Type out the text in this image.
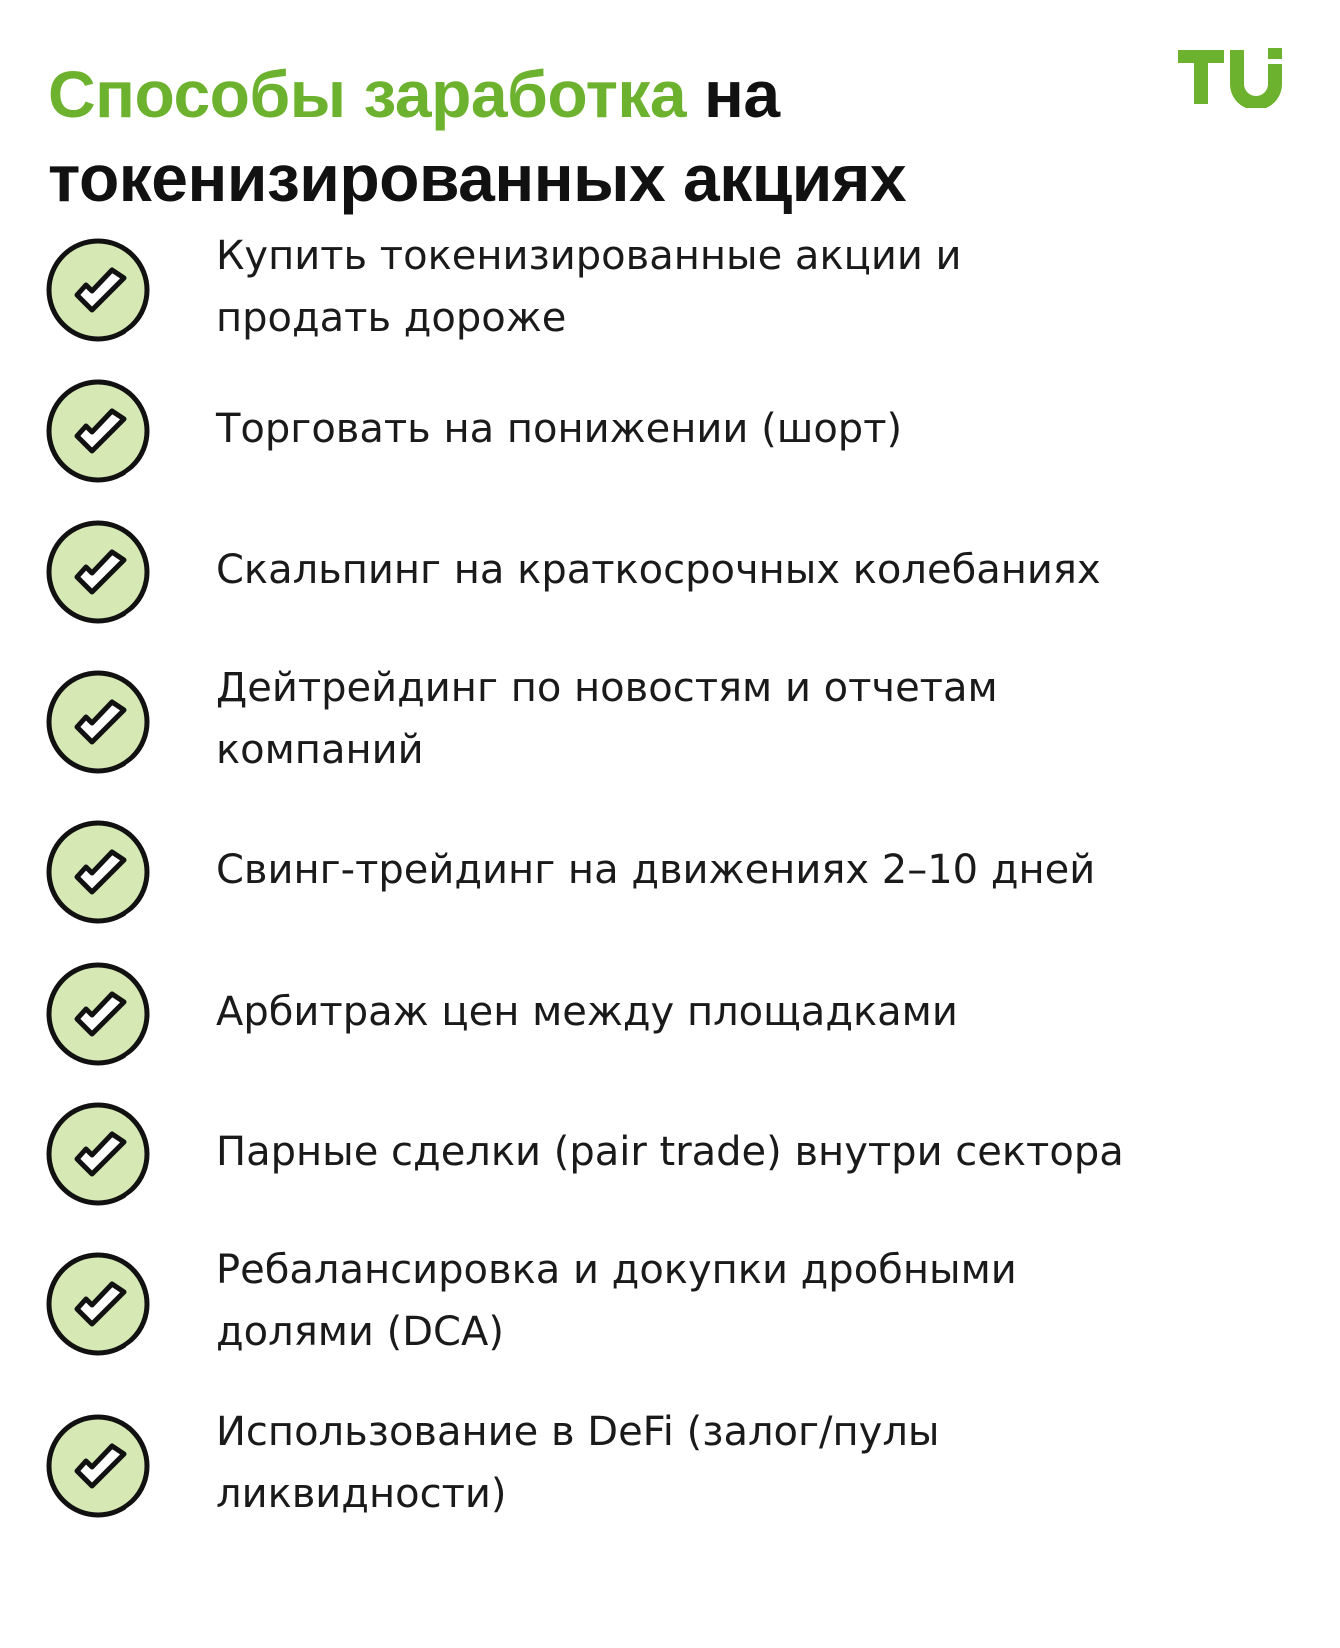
Способы заработка на токенизированных акциях
Купить токенизированные акции и
продать дороже
Торговать на понижении (шорт)
Скальпинг на краткосрочных колебаниях
Дейтрейдинг по новостям и отчетам
компаний
Свинг-трейдинг на движениях 2–10 дней
Арбитраж цен между площадками
Парные сделки (pair trade) внутри сектора
Ребалансировка и докупки дробными
долями (DCA)
Использование в DeFi (залог/пулы
ликвидности)
